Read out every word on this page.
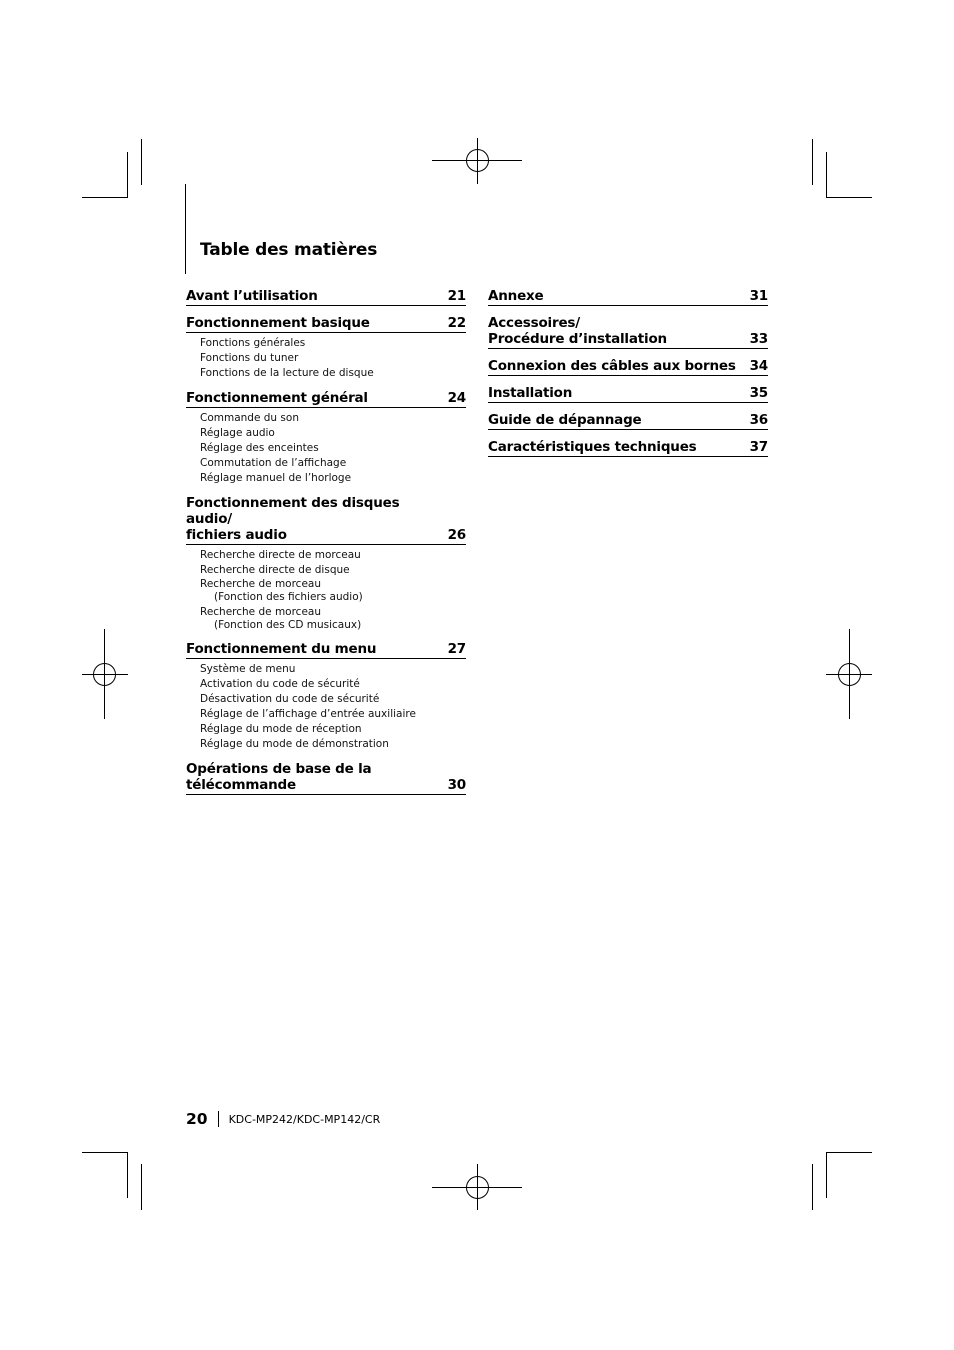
Table des matières
Avant l’utilisation	21
Fonctionnement basique	22
Fonctions générales
Fonctions du tuner
Fonctions de la lecture de disque
Fonctionnement général	24
Commande du son
Réglage audio
Réglage des enceintes
Commutation de l’affichage
Réglage manuel de l’horloge
Fonctionnement des disques audio/
fichiers audio	26
Recherche directe de morceau
Recherche directe de disque
Recherche de morceau
(Fonction des fichiers audio)
Recherche de morceau
(Fonction des CD musicaux)
Fonctionnement du menu	27
Système de menu
Activation du code de sécurité
Désactivation du code de sécurité
Réglage de l’affichage d’entrée auxiliaire
Réglage du mode de réception
Réglage du mode de démonstration
Opérations de base de la
télécommande	30
Annexe	31
Accessoires/
Procédure d’installation	33
Connexion des câbles aux bornes	34
Installation	35
Guide de dépannage	36
Caractéristiques techniques	37
20 KDC-MP242/KDC-MP142/CR
